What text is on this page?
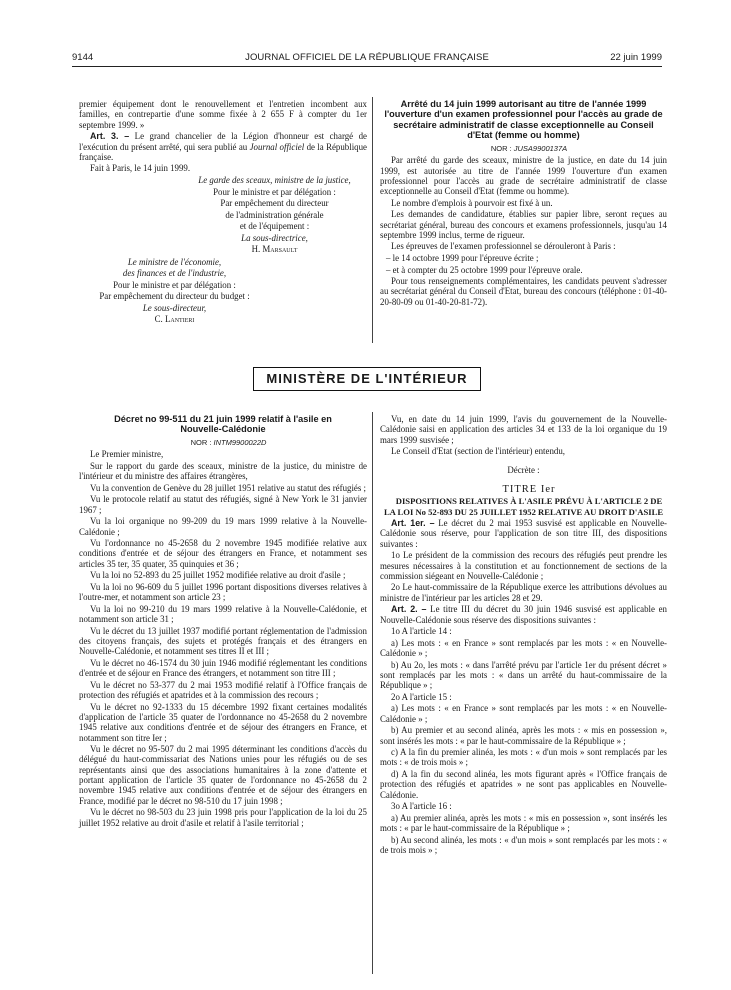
9144	JOURNAL OFFICIEL DE LA RÉPUBLIQUE FRANÇAISE	22 juin 1999

premier équipement dont le renouvellement et l'entretien incombent aux familles, en contrepartie d'une somme fixée à 2 655 F à compter du 1er septembre 1999. »

Art. 3. – Le grand chancelier de la Légion d'honneur est chargé de l'exécution du présent arrêté, qui sera publié au Journal officiel de la République française.

Fait à Paris, le 14 juin 1999.

Le garde des sceaux, ministre de la justice,

Pour le ministre et par délégation :

Par empêchement du directeur

de l'administration générale

et de l'équipement :

La sous-directrice,

H. Marsault

Le ministre de l'économie,

des finances et de l'industrie,

Pour le ministre et par délégation :

Par empêchement du directeur du budget :

Le sous-directeur,

C. Lantieri

Arrêté du 14 juin 1999 autorisant au titre de l'année 1999 l'ouverture d'un examen professionnel pour l'accès au grade de secrétaire administratif de classe exceptionnelle au Conseil d'Etat (femme ou homme)

NOR : JUSA9900137A

Par arrêté du garde des sceaux, ministre de la justice, en date du 14 juin 1999, est autorisée au titre de l'année 1999 l'ouverture d'un examen professionnel pour l'accès au grade de secrétaire administratif de classe exceptionnelle au Conseil d'Etat (femme ou homme).

Le nombre d'emplois à pourvoir est fixé à un.

Les demandes de candidature, établies sur papier libre, seront reçues au secrétariat général, bureau des concours et examens professionnels, jusqu'au 14 septembre 1999 inclus, terme de rigueur.

Les épreuves de l'examen professionnel se dérouleront à Paris :

– le 14 octobre 1999 pour l'épreuve écrite ;

– et à compter du 25 octobre 1999 pour l'épreuve orale.

Pour tous renseignements complémentaires, les candidats peuvent s'adresser au secrétariat général du Conseil d'Etat, bureau des concours (téléphone : 01-40-20-80-09 ou 01-40-20-81-72).

MINISTÈRE DE L'INTÉRIEUR
Décret no 99-511 du 21 juin 1999 relatif à l'asile en Nouvelle-Calédonie

NOR : INTM9900022D

Le Premier ministre,

Sur le rapport du garde des sceaux, ministre de la justice, du ministre de l'intérieur et du ministre des affaires étrangères,

Vu la convention de Genève du 28 juillet 1951 relative au statut des réfugiés ;

Vu le protocole relatif au statut des réfugiés, signé à New York le 31 janvier 1967 ;

Vu la loi organique no 99-209 du 19 mars 1999 relative à la Nouvelle-Calédonie ;

Vu l'ordonnance no 45-2658 du 2 novembre 1945 modifiée relative aux conditions d'entrée et de séjour des étrangers en France, et notamment ses articles 35 ter, 35 quater, 35 quinquies et 36 ;

Vu la loi no 52-893 du 25 juillet 1952 modifiée relative au droit d'asile ;

Vu la loi no 96-609 du 5 juillet 1996 portant dispositions diverses relatives à l'outre-mer, et notamment son article 23 ;

Vu la loi no 99-210 du 19 mars 1999 relative à la Nouvelle-Calédonie, et notamment son article 31 ;

Vu le décret du 13 juillet 1937 modifié portant réglementation de l'admission des citoyens français, des sujets et protégés français et des étrangers en Nouvelle-Calédonie, et notamment ses titres II et III ;

Vu le décret no 46-1574 du 30 juin 1946 modifié réglementant les conditions d'entrée et de séjour en France des étrangers, et notamment son titre III ;

Vu le décret no 53-377 du 2 mai 1953 modifié relatif à l'Office français de protection des réfugiés et apatrides et à la commission des recours ;

Vu le décret no 92-1333 du 15 décembre 1992 fixant certaines modalités d'application de l'article 35 quater de l'ordonnance no 45-2658 du 2 novembre 1945 relative aux conditions d'entrée et de séjour des étrangers en France, et notamment son titre Ier ;

Vu le décret no 95-507 du 2 mai 1995 déterminant les conditions d'accès du délégué du haut-commissariat des Nations unies pour les réfugiés ou de ses représentants ainsi que des associations humanitaires à la zone d'attente et portant application de l'article 35 quater de l'ordonnance no 45-2658 du 2 novembre 1945 relative aux conditions d'entrée et de séjour des étrangers en France, modifié par le décret no 98-510 du 17 juin 1998 ;

Vu le décret no 98-503 du 23 juin 1998 pris pour l'application de la loi du 25 juillet 1952 relative au droit d'asile et relatif à l'asile territorial ;

Vu, en date du 14 juin 1999, l'avis du gouvernement de la Nouvelle-Calédonie saisi en application des articles 34 et 133 de la loi organique du 19 mars 1999 susvisée ;

Le Conseil d'Etat (section de l'intérieur) entendu,

Décrète :

TITRE Ier

DISPOSITIONS RELATIVES À L'ASILE PRÉVU À L'ARTICLE 2 DE LA LOI No 52-893 DU 25 JUILLET 1952 RELATIVE AU DROIT D'ASILE

Art. 1er. – Le décret du 2 mai 1953 susvisé est applicable en Nouvelle-Calédonie sous réserve, pour l'application de son titre III, des dispositions suivantes :

1o Le président de la commission des recours des réfugiés peut prendre les mesures nécessaires à la constitution et au fonctionnement de sections de la commission siégeant en Nouvelle-Calédonie ;

2o Le haut-commissaire de la République exerce les attributions dévolues au ministre de l'intérieur par les articles 28 et 29.

Art. 2. – Le titre III du décret du 30 juin 1946 susvisé est applicable en Nouvelle-Calédonie sous réserve des dispositions suivantes :

1o A l'article 14 :

a) Les mots : « en France » sont remplacés par les mots : « en Nouvelle-Calédonie » ;

b) Au 2o, les mots : « dans l'arrêté prévu par l'article 1er du présent décret » sont remplacés par les mots : « dans un arrêté du haut-commissaire de la République » ;

2o A l'article 15 :

a) Les mots : « en France » sont remplacés par les mots : « en Nouvelle-Calédonie » ;

b) Au premier et au second alinéa, après les mots : « mis en possession », sont insérés les mots : « par le haut-commissaire de la République » ;

c) A la fin du premier alinéa, les mots : « d'un mois » sont remplacés par les mots : « de trois mois » ;

d) A la fin du second alinéa, les mots figurant après « l'Office français de protection des réfugiés et apatrides » ne sont pas applicables en Nouvelle-Calédonie.

3o A l'article 16 :

a) Au premier alinéa, après les mots : « mis en possession », sont insérés les mots : « par le haut-commissaire de la République » ;

b) Au second alinéa, les mots : « d'un mois » sont remplacés par les mots : « de trois mois » ;
